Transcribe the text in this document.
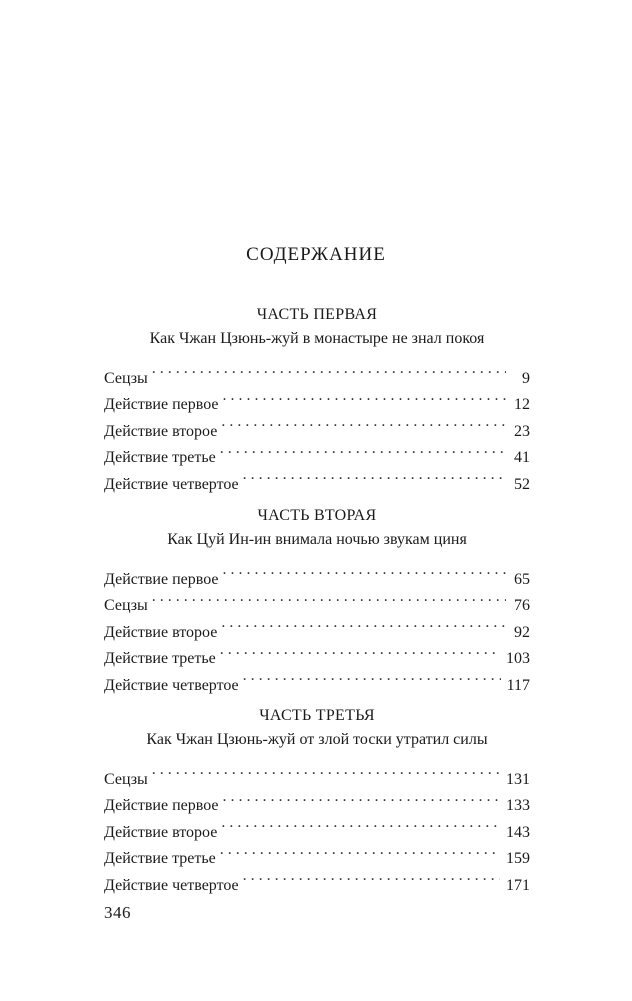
СОДЕРЖАНИЕ
ЧАСТЬ ПЕРВАЯ
Как Чжан Цзюнь-жуй в монастыре не знал покоя
Сецзы . . .	9
Действие первое . . .	12
Действие второе . . .	23
Действие третье . . .	41
Действие четвертое . . .	52
ЧАСТЬ ВТОРАЯ
Как Цуй Ин-ин внимала ночью звукам циня
Действие первое . . .	65
Сецзы . . .	76
Действие второе . . .	92
Действие третье . . .	103
Действие четвертое . . .	117
ЧАСТЬ ТРЕТЬЯ
Как Чжан Цзюнь-жуй от злой тоски утратил силы
Сецзы . . .	131
Действие первое . . .	133
Действие второе . . .	143
Действие третье . . .	159
Действие четвертое . . .	171
346
